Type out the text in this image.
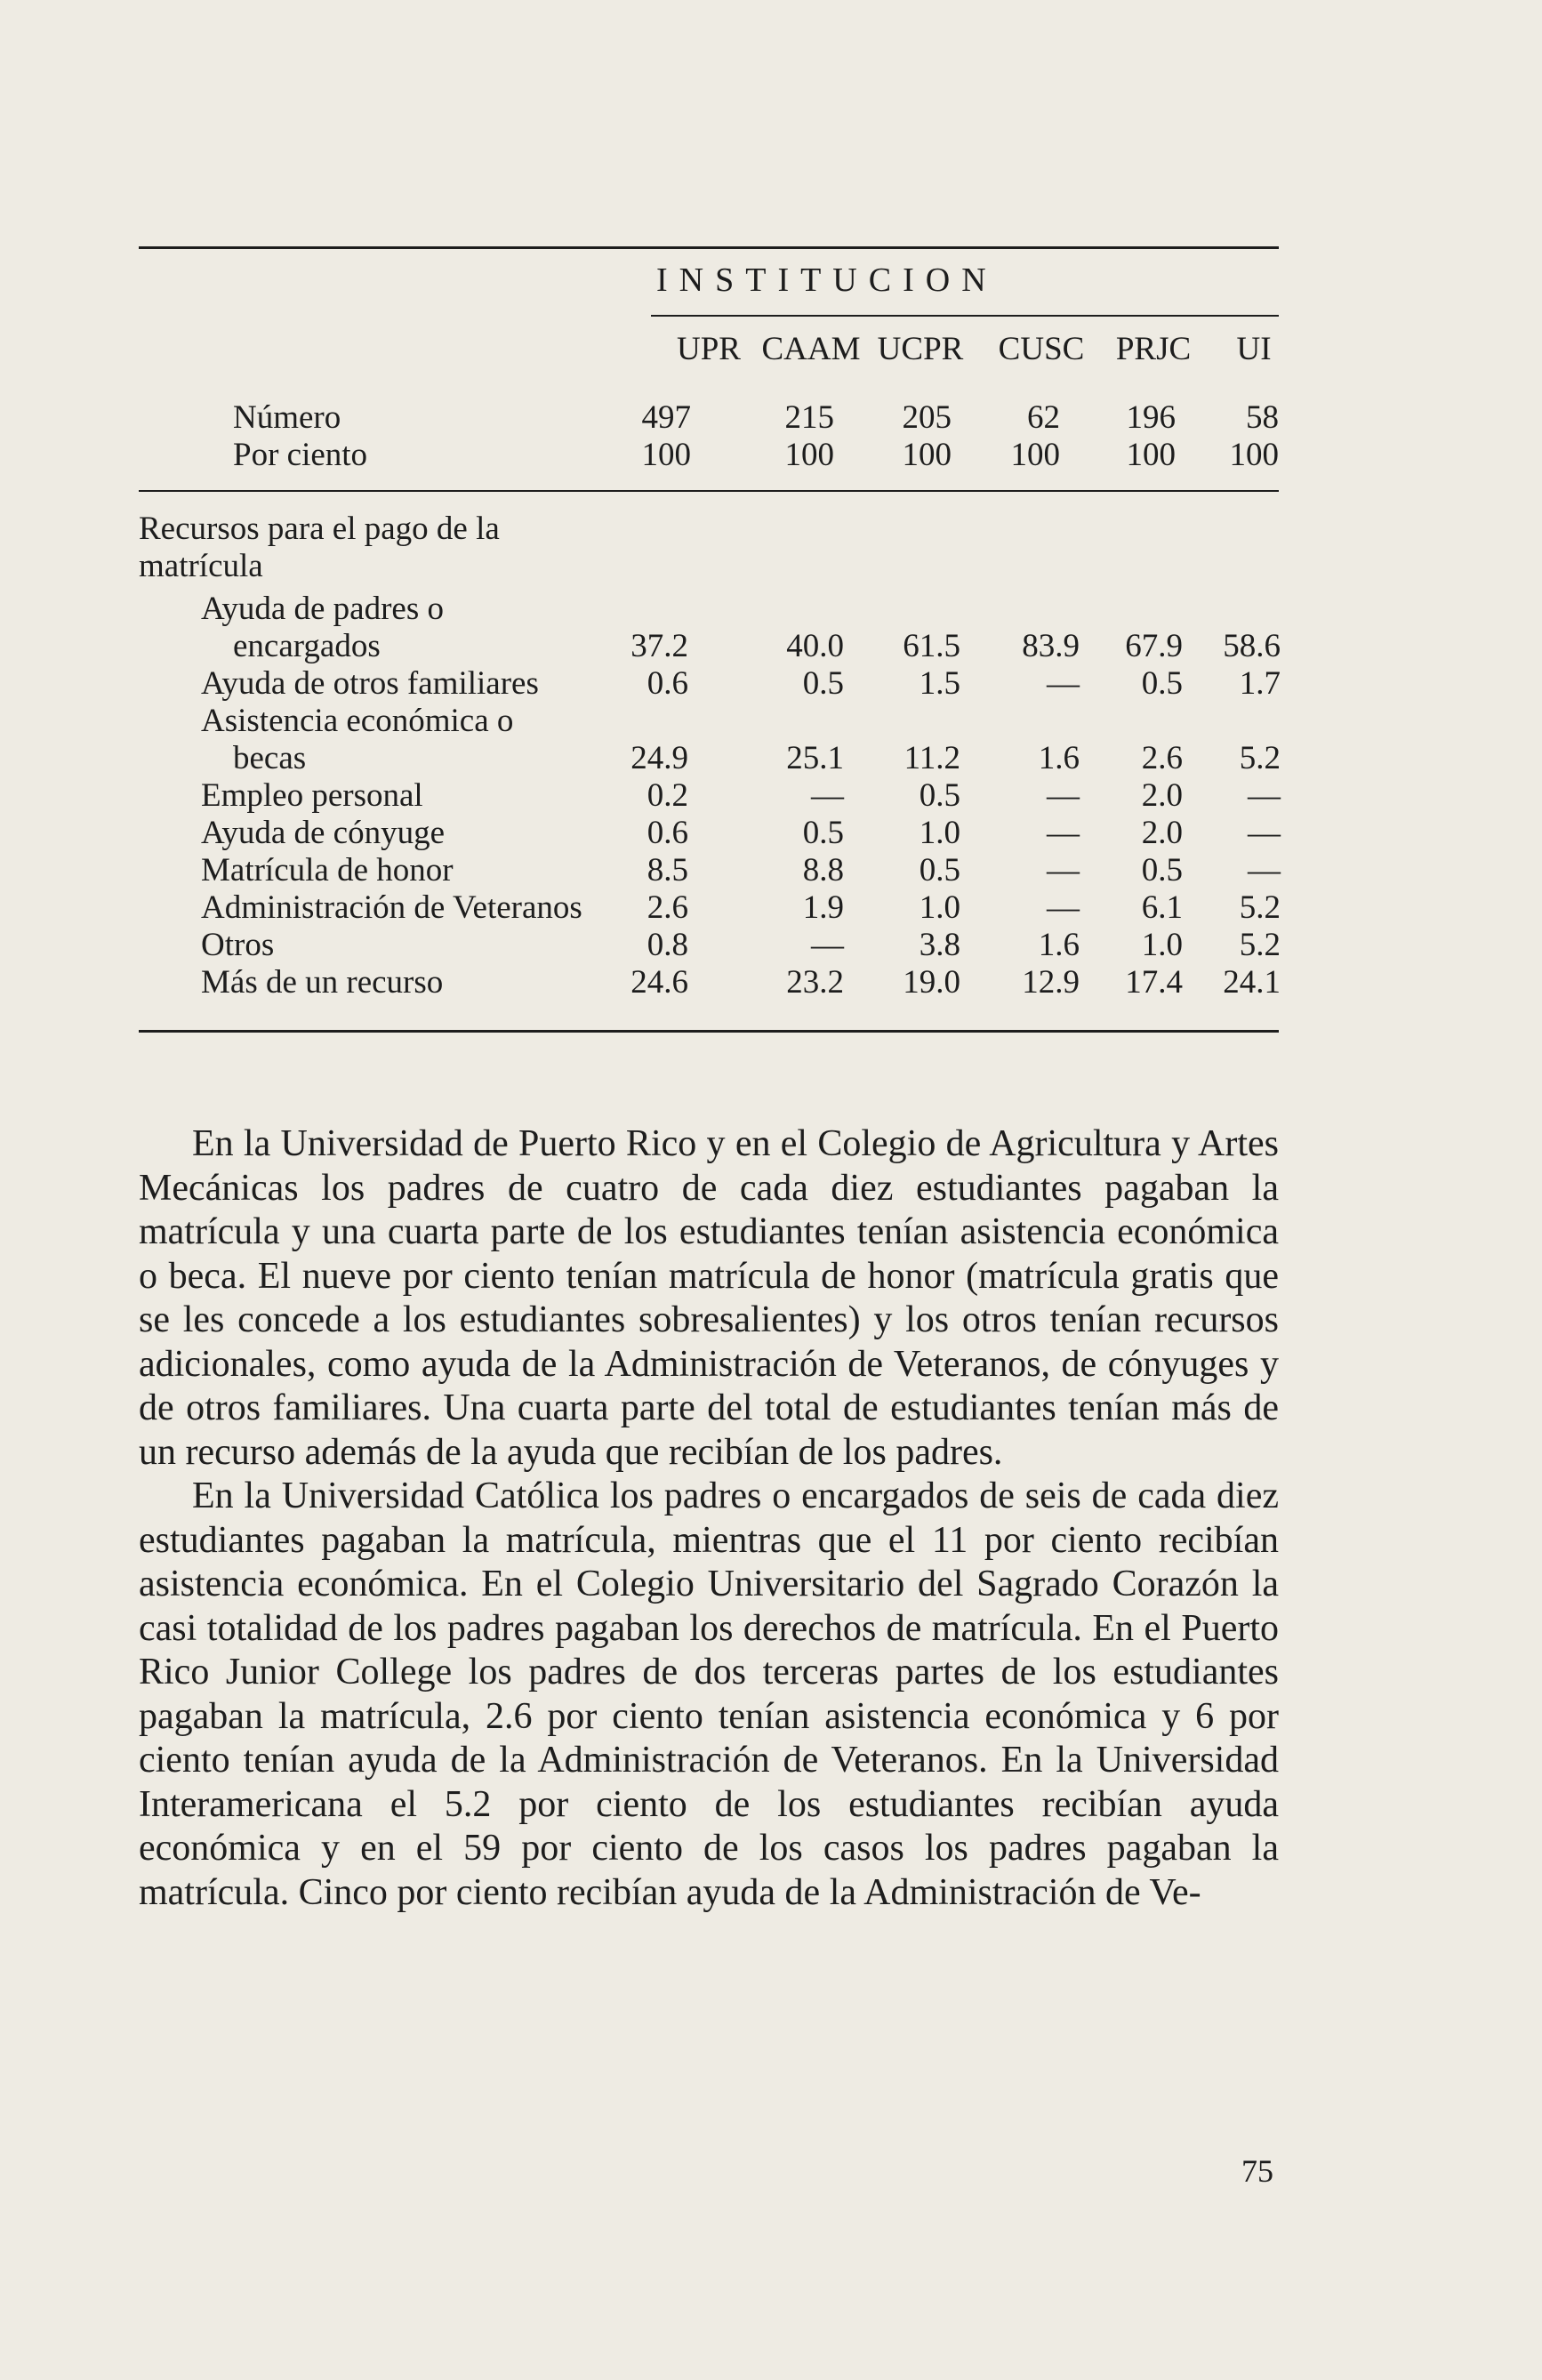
INSTITUCION
UPR CAAM UCPR	CUSC PRJC	UI
Número	497	215	205	62	196	58
Por ciento	100	100	100	100	100	100
Recursos para el pago de la
matrícula
Ayuda de padres o
encargados	37.2	40.0	61.5	83.9	67.9	58.6
Ayuda de otros familiares	0.6	0.5	1.5	—	0.5	1.7
Asistencia económica o
becas	24.9	25.1	11.2	1.6	2.6	5.2
Empleo personal	0.2	—	0.5	—	2.0	—
Ayuda de cónyuge	0.6	0.5	1.0	—	2.0	—
Matrícula de honor	8.5	8.8	0.5	—	0.5	—
Administración de Veteranos	2.6	1.9	1.0	—	6.1	5.2
Otros	0.8	—	3.8	1.6	1.0	5.2
Más de un recurso	24.6	23.2	19.0	12.9	17.4	24.1

En la Universidad de Puerto Rico y en el Colegio de Agricultura y Artes Mecánicas los padres de cuatro de cada diez estudiantes pagaban la matrícula y una cuarta parte de los estudiantes tenían asistencia económica o beca. El nueve por ciento tenían matrícula de honor (matrícula gratis que se les concede a los estudiantes sobresalientes) y los otros tenían recursos adicionales, como ayuda de la Administración de Veteranos, de cónyuges y de otros familiares. Una cuarta parte del total de estudiantes tenían más de un recurso además de la ayuda que recibían de los padres.

En la Universidad Católica los padres o encargados de seis de cada diez estudiantes pagaban la matrícula, mientras que el 11 por ciento recibían asistencia económica. En el Colegio Universitario del Sagrado Corazón la casi totalidad de los padres pagaban los derechos de matrícula. En el Puerto Rico Junior College los padres de dos terceras partes de los estudiantes pagaban la matrícula, 2.6 por ciento tenían asistencia económica y 6 por ciento tenían ayuda de la Administración de Veteranos. En la Universidad Interamericana el 5.2 por ciento de los estudiantes recibían ayuda económica y en el 59 por ciento de los casos los padres pagaban la matrícula. Cinco por ciento recibían ayuda de la Administración de Ve-

75
